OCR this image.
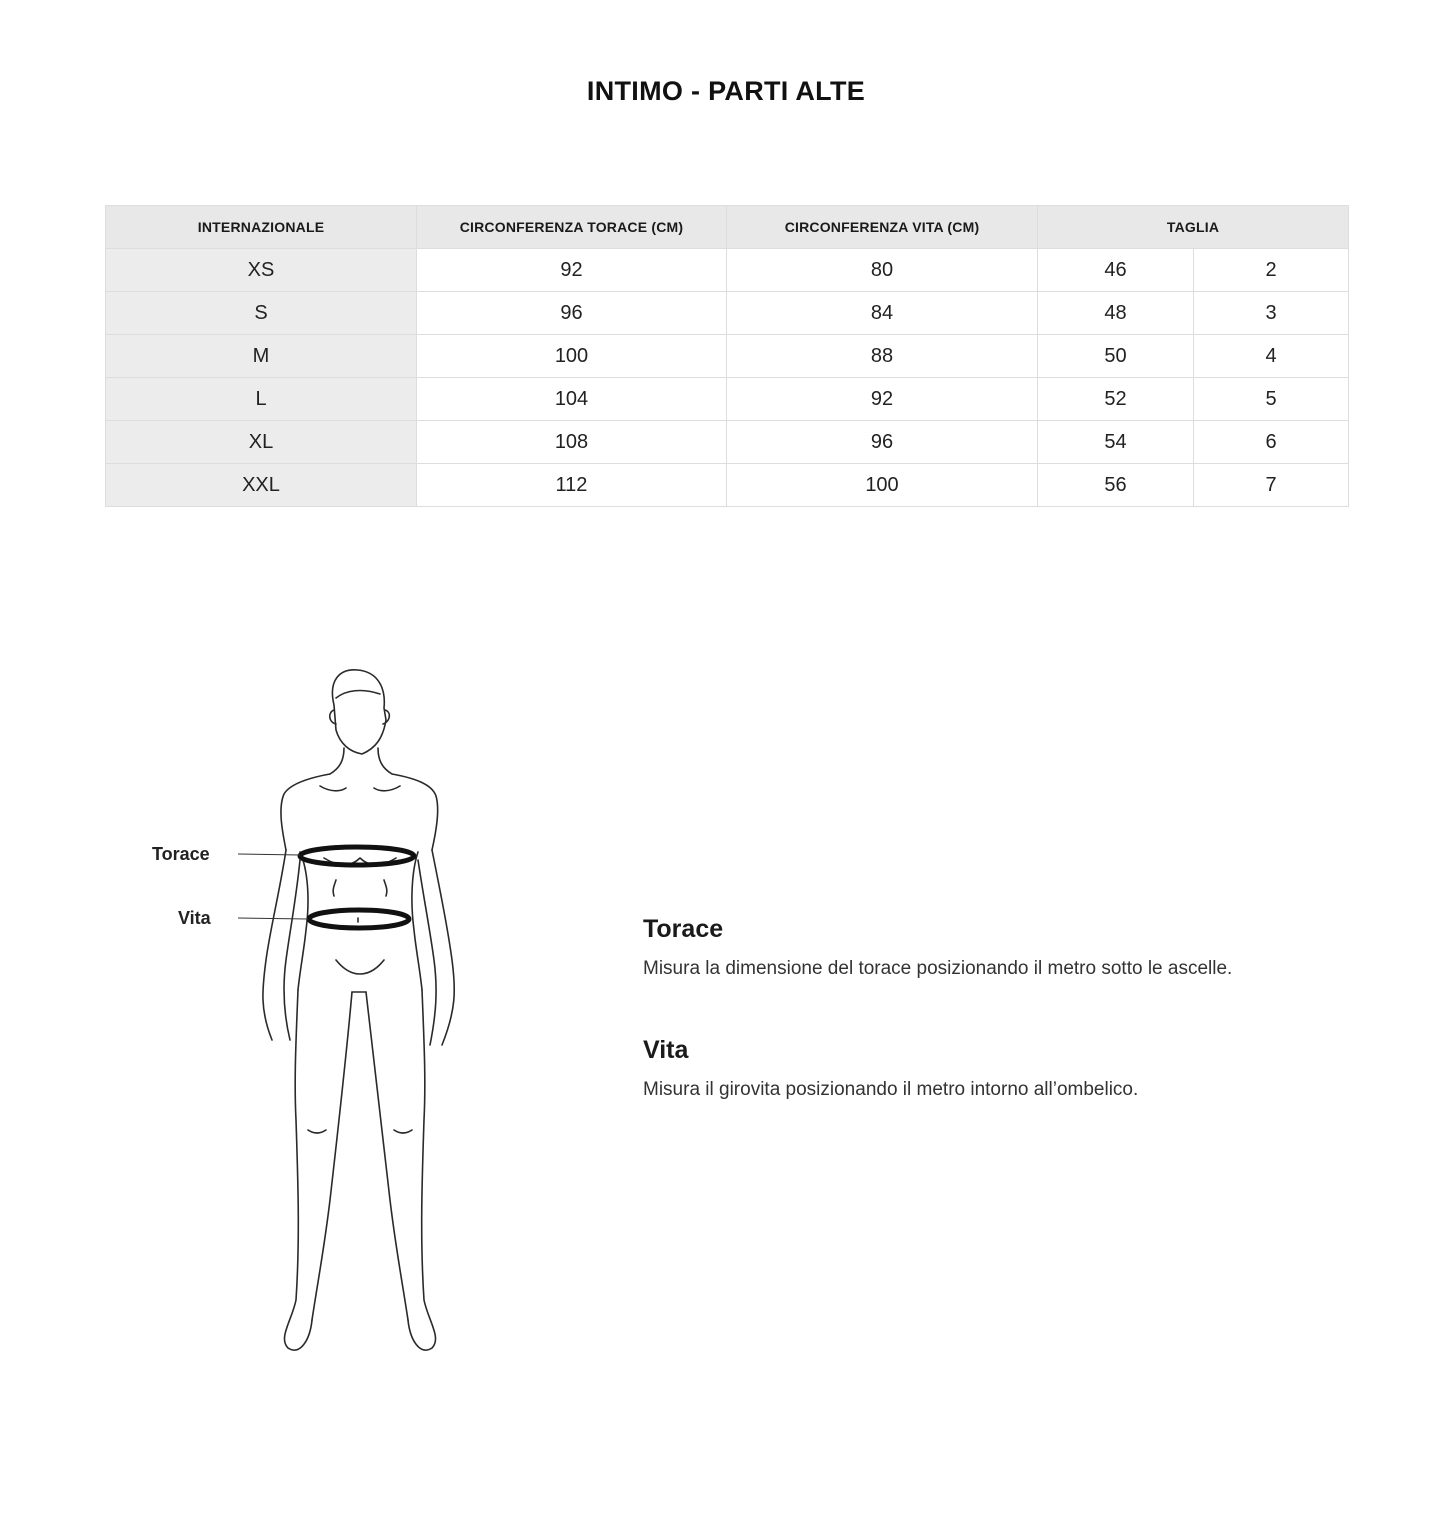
INTIMO - PARTI ALTE
INTERNAZIONALE	CIRCONFERENZA TORACE (CM)	CIRCONFERENZA VITA (CM)	TAGLIA	
XS	92	80	46	2
S	96	84	48	3
M	100	88	50	4
L	104	92	52	5
XL	108	96	54	6
XXL	112	100	56	7
Torace
Vita	Torace

Misura la dimensione del torace posizionando il metro sotto le ascelle.

Vita

Misura il girovita posizionando il metro intorno all’ombelico.
